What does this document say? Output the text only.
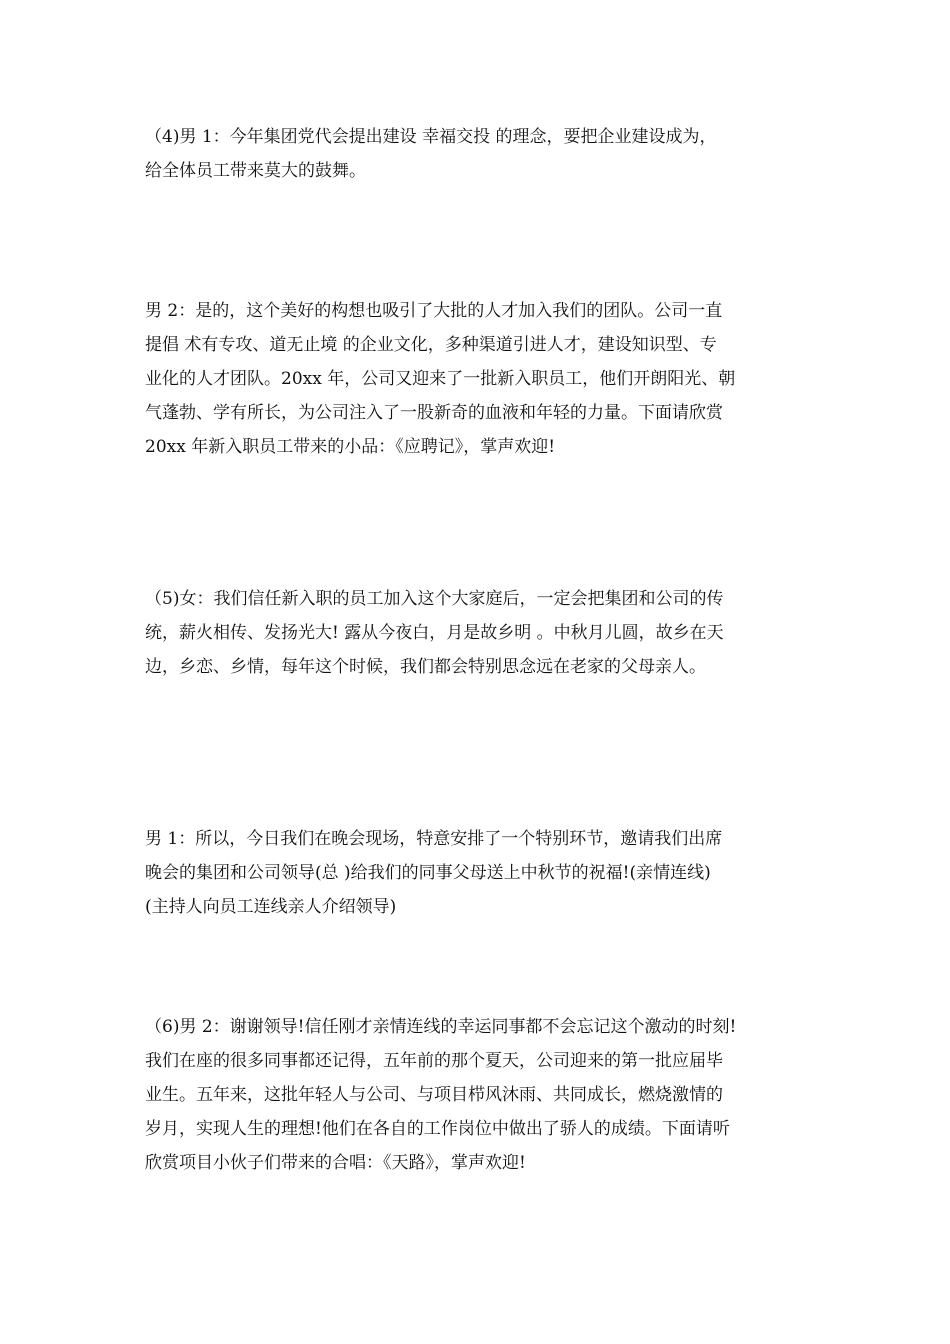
（4)男 1：今年集团党代会提出建设 幸福交投 的理念，要把企业建设成为，
给全体员工带来莫大的鼓舞。
男 2：是的，这个美好的构想也吸引了大批的人才加入我们的团队。公司一直
提倡 术有专攻、道无止境 的企业文化，多种渠道引进人才，建设知识型、专
业化的人才团队。20xx 年，公司又迎来了一批新入职员工，他们开朗阳光、朝
气蓬勃、学有所长，为公司注入了一股新奇的血液和年轻的力量。下面请欣赏
20xx 年新入职员工带来的小品：《应聘记》，掌声欢迎!
（5)女：我们信任新入职的员工加入这个大家庭后，一定会把集团和公司的传
统，薪火相传、发扬光大! 露从今夜白，月是故乡明 。中秋月儿圆，故乡在天
边，乡恋、乡情，每年这个时候，我们都会特别思念远在老家的父母亲人。
男 1：所以，今日我们在晚会现场，特意安排了一个特别环节，邀请我们出席
晚会的集团和公司领导(总 )给我们的同事父母送上中秋节的祝福!(亲情连线)
(主持人向员工连线亲人介绍领导)
（6)男 2：谢谢领导!信任刚才亲情连线的幸运同事都不会忘记这个激动的时刻!
我们在座的很多同事都还记得，五年前的那个夏天，公司迎来的第一批应届毕
业生。五年来，这批年轻人与公司、与项目栉风沐雨、共同成长，燃烧激情的
岁月，实现人生的理想!他们在各自的工作岗位中做出了骄人的成绩。下面请听
欣赏项目小伙子们带来的合唱：《天路》，掌声欢迎!
